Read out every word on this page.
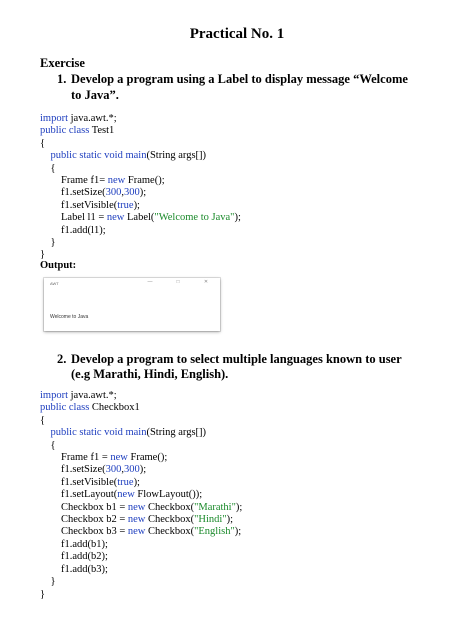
Practical No. 1
Exercise
1. Develop a program using a Label to display message “Welcome
to Java”.
import java.awt.*;
public class Test1
{
public static void main(String args[])
{
Frame f1= new Frame();
f1.setSize(300,300);
f1.setVisible(true);
Label l1 = new Label("Welcome to Java");
f1.add(l1);
}
}
Output:
AWT	—	□	✕
Welcome to Java
2. Develop a program to select multiple languages known to user
(e.g Marathi, Hindi, English).
import java.awt.*;
public class Checkbox1
{
public static void main(String args[])
{
Frame f1 = new Frame();
f1.setSize(300,300);
f1.setVisible(true);
f1.setLayout(new FlowLayout());
Checkbox b1 = new Checkbox("Marathi");
Checkbox b2 = new Checkbox("Hindi");
Checkbox b3 = new Checkbox("English");
f1.add(b1);
f1.add(b2);
f1.add(b3);
}
}
